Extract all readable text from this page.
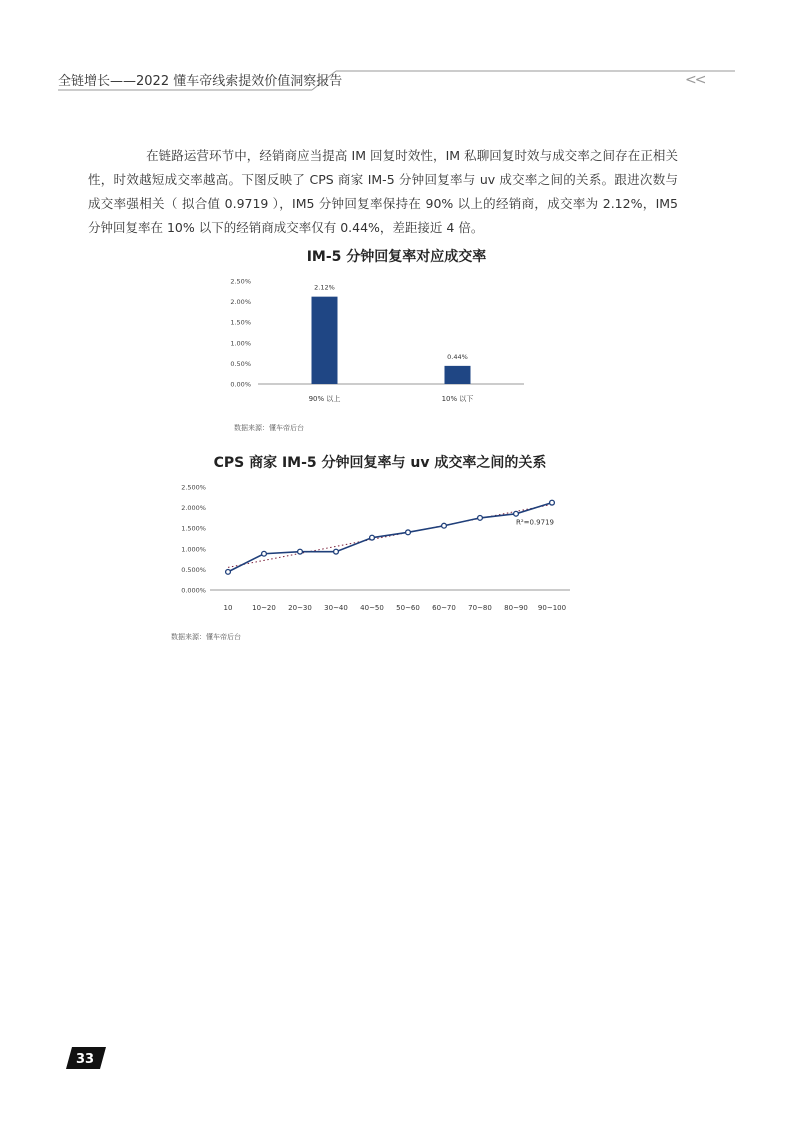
全链增长——2022 懂车帝线索提效价值洞察报告	<<

在链路运营环节中，经销商应当提高 IM 回复时效性，IM 私聊回复时效与成交率之间存在正相关性，时效越短成交率越高。下图反映了 CPS 商家 IM-5 分钟回复率与 uv 成交率之间的关系。跟进次数与成交率强相关（ 拟合值 0.9719 ），IM5 分钟回复率保持在 90% 以上的经销商，成交率为 2.12%，IM5 分钟回复率在 10% 以下的经销商成交率仅有 0.44%，差距接近 4 倍。

IM-5 分钟回复率对应成交率
0.00%
0.50%
1.00%
1.50%
2.00%
2.50%
2.12%
90% 以上
0.44%
10% 以下
数据来源：懂车帝后台
CPS 商家 IM-5 分钟回复率与 uv 成交率之间的关系
0.000%
0.500%
1.000%
1.500%
2.000%
2.500%
10	10~20 20~30 30~40 40~50 50~60 60~70 70~80 80~90 90~100
R²=0.9719
数据来源：懂车帝后台
33
